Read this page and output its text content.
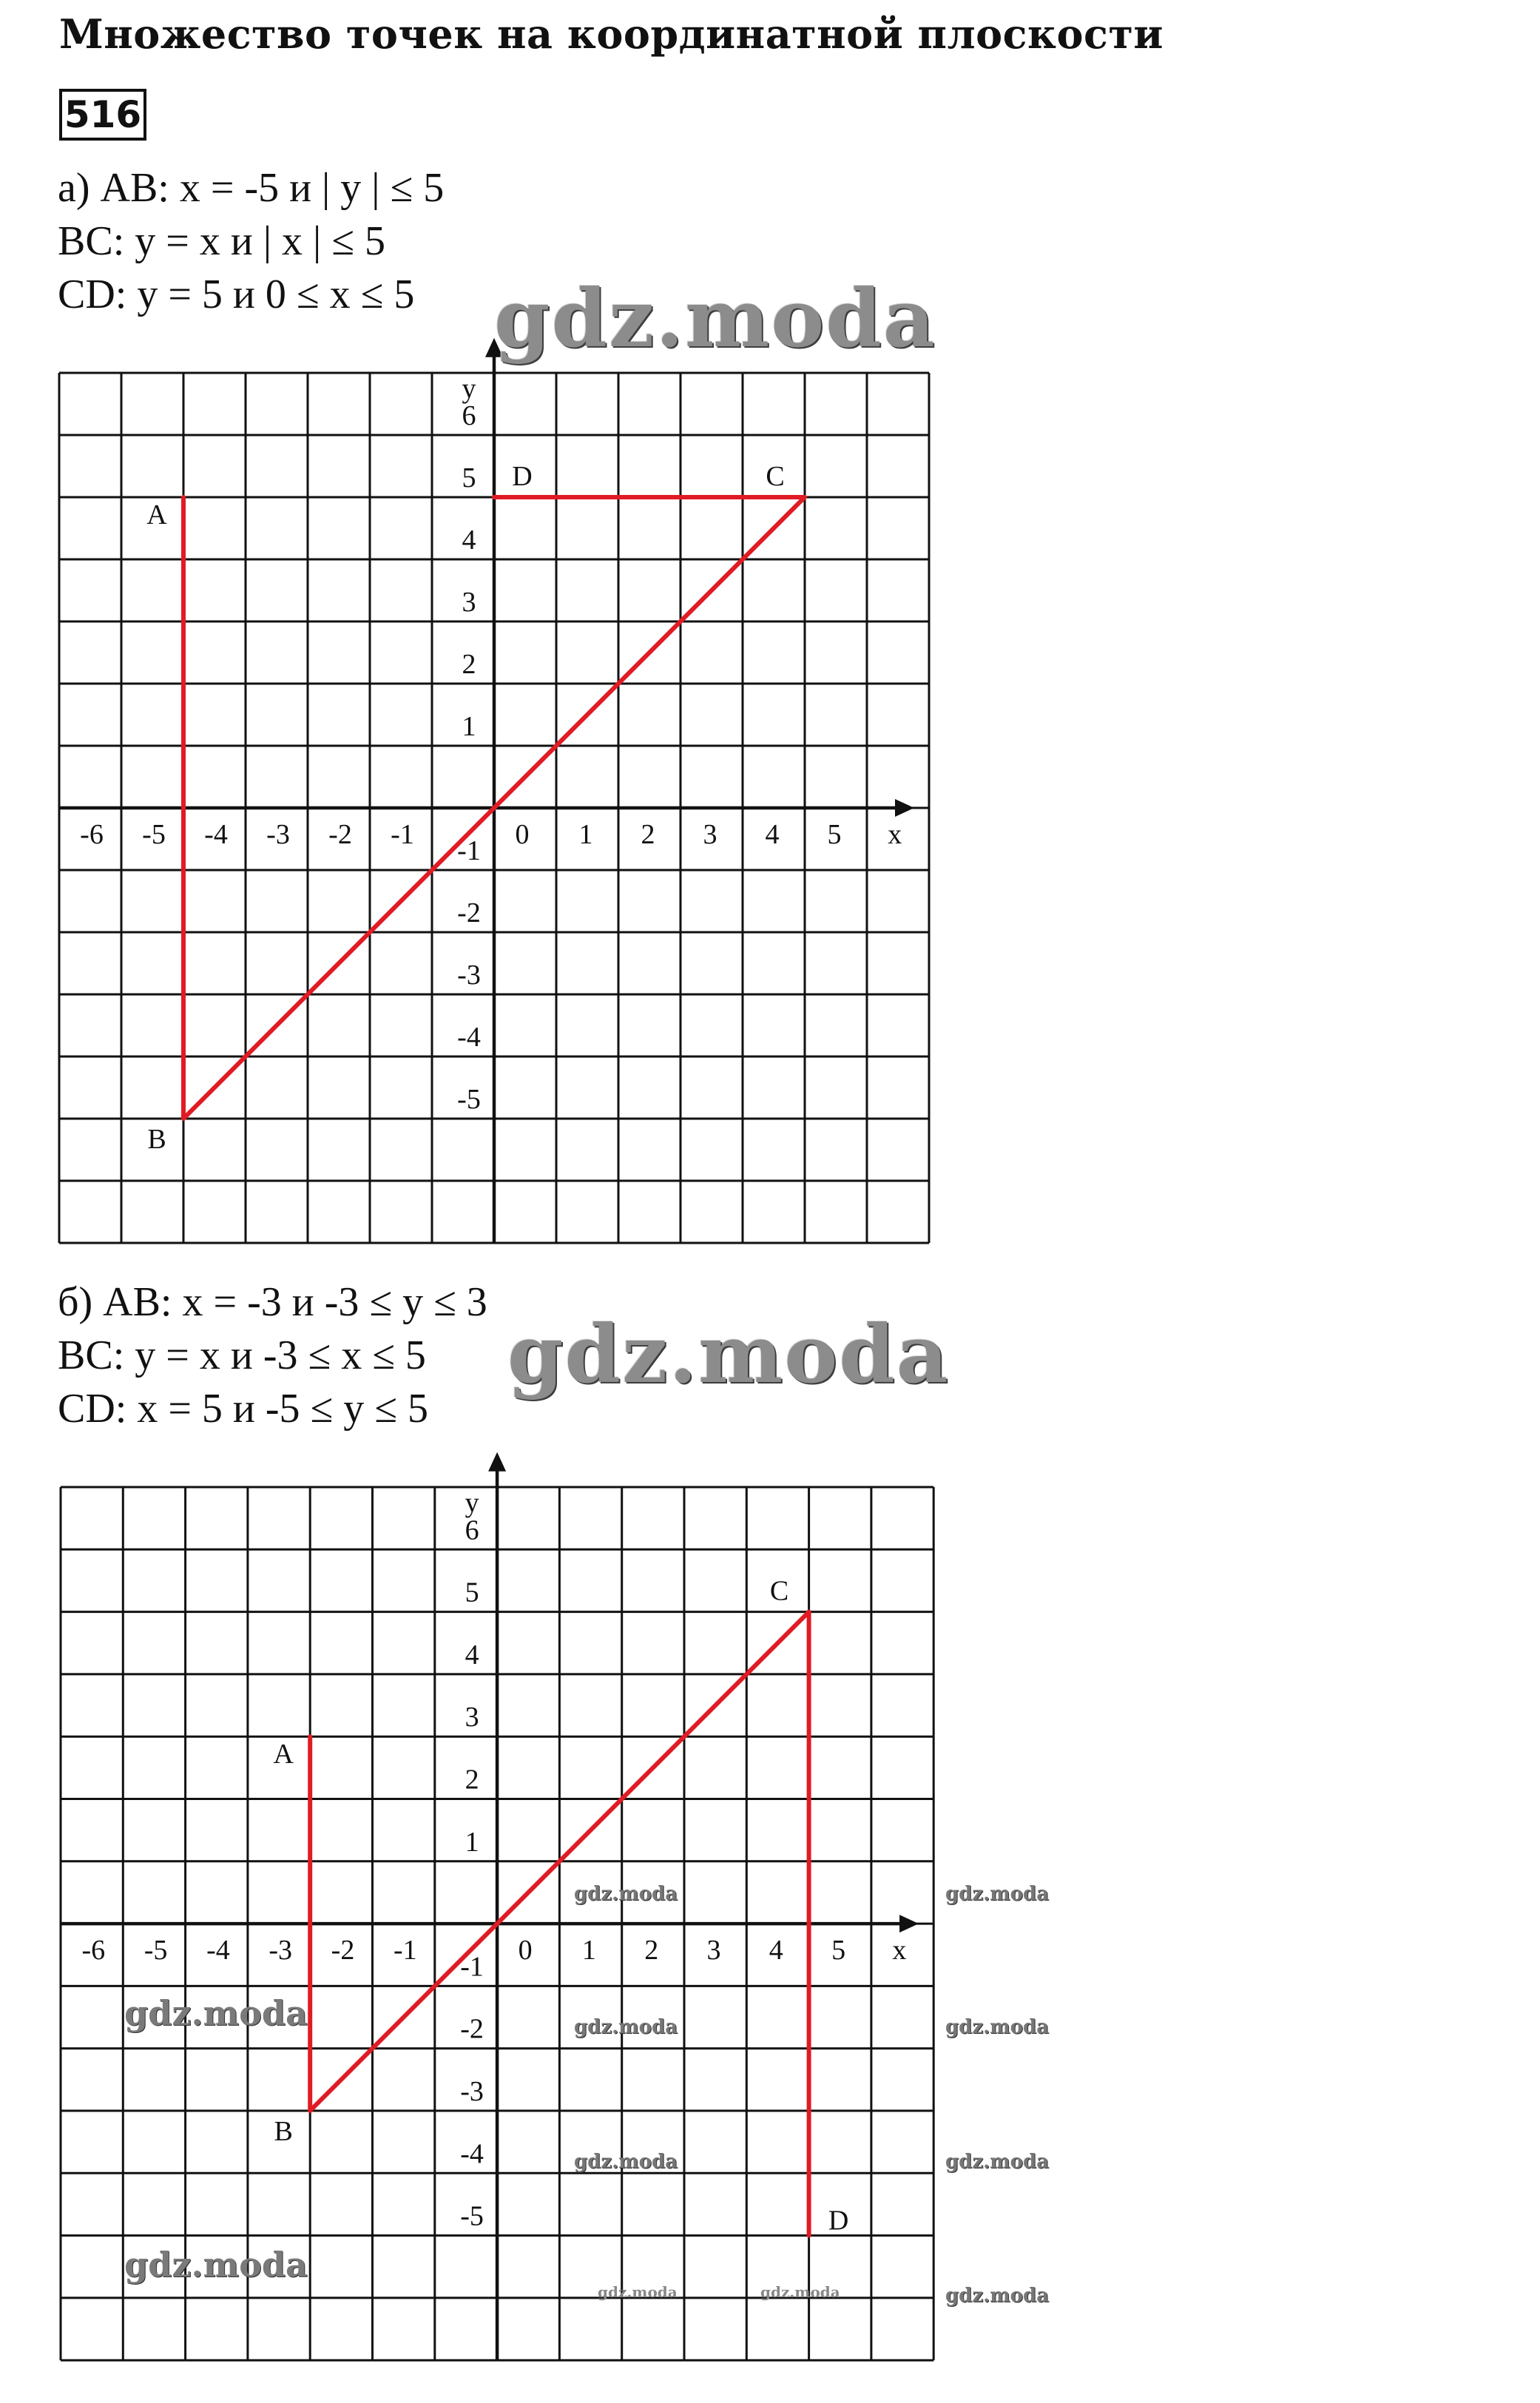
Множество точек на координатной плоскости
516
а) AB: x = -5 и | y | ≤ 5
BC: y = x и | x | ≤ 5
CD: y = 5 и 0 ≤ x ≤ 5
б) AB: x = -3 и -3 ≤ y ≤ 3
BC: y = x и -3 ≤ x ≤ 5
CD: x = 5 и -5 ≤ y ≤ 5
x
y
-6 -5 -4 -3 -2 -1	0 1 2 3 4 5
6
5
4
3
2
1
-1
-2
-3
-4
-5
A
B
C
D
x
y
-6 -5 -4 -3 -2 -1	0 1 2 3 4 5
6
5
4
3
2
1
-1
-2
-3
-4
-5
A
B
C
D
gdz.moda
gdz.moda
gdz.moda
gdz.moda
gdz.moda
gdz.moda
gdz.moda
gdz.moda
gdz.moda
gdz.moda
gdz.moda
gdz.moda	gdz.moda
